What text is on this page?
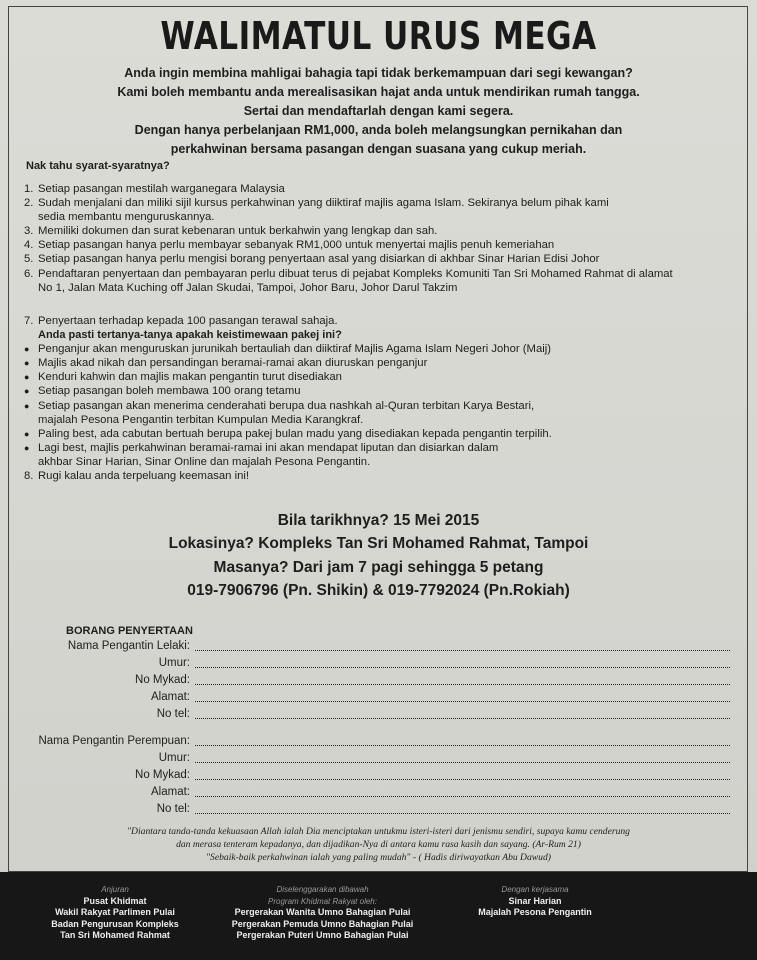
WALIMATUL URUS MEGA
Anda ingin membina mahligai bahagia tapi tidak berkemampuan dari segi kewangan?
Kami boleh membantu anda merealisasikan hajat anda untuk mendirikan rumah tangga.
Sertai dan mendaftarlah dengan kami segera.
Dengan hanya perbelanjaan RM1,000, anda boleh melangsungkan pernikahan dan
perkahwinan bersama pasangan dengan suasana yang cukup meriah.
Nak tahu syarat-syaratnya?
1. Setiap pasangan mestilah warganegara Malaysia
2. Sudah menjalani dan miliki sijil kursus perkahwinan yang diiktiraf majlis agama Islam. Sekiranya belum pihak kami
sedia membantu menguruskannya.
3. Memiliki dokumen dan surat kebenaran untuk berkahwin yang lengkap dan sah.
4. Setiap pasangan hanya perlu membayar sebanyak RM1,000 untuk menyertai majlis penuh kemeriahan
5. Setiap pasangan hanya perlu mengisi borang penyertaan asal yang disiarkan di akhbar Sinar Harian Edisi Johor
6. Pendaftaran penyertaan dan pembayaran perlu dibuat terus di pejabat Kompleks Komuniti Tan Sri Mohamed Rahmat di alamat
No 1, Jalan Mata Kuching off Jalan Skudai, Tampoi, Johor Baru, Johor Darul Takzim
7. Penyertaan terhadap kepada 100 pasangan terawal sahaja.
Anda pasti tertanya-tanya apakah keistimewaan pakej ini?
● Penganjur akan menguruskan jurunikah bertauliah dan diiktiraf Majlis Agama Islam Negeri Johor (Maij)
● Majlis akad nikah dan persandingan beramai-ramai akan diuruskan penganjur
● Kenduri kahwin dan majlis makan pengantin turut disediakan
● Setiap pasangan boleh membawa 100 orang tetamu
● Setiap pasangan akan menerima cenderahati berupa dua nashkah al-Quran terbitan Karya Bestari,
majalah Pesona Pengantin terbitan Kumpulan Media Karangkraf.
● Paling best, ada cabutan bertuah berupa pakej bulan madu yang disediakan kepada pengantin terpilih.
● Lagi best, majlis perkahwinan beramai-ramai ini akan mendapat liputan dan disiarkan dalam
akhbar Sinar Harian, Sinar Online dan majalah Pesona Pengantin.
8. Rugi kalau anda terpeluang keemasan ini!
Bila tarikhnya? 15 Mei 2015
Lokasinya? Kompleks Tan Sri Mohamed Rahmat, Tampoi
Masanya? Dari jam 7 pagi sehingga 5 petang
019-7906796 (Pn. Shikin) & 019-7792024 (Pn.Rokiah)
BORANG PENYERTAAN
Nama Pengantin Lelaki:
Umur:
No Mykad:
Alamat:
No tel:
Nama Pengantin Perempuan:
Umur:
No Mykad:
Alamat:
No tel:
"Diantara tanda-tanda kekuasaan Allah ialah Dia menciptakan untukmu isteri-isteri dari jenismu sendiri, supaya kamu cenderung
dan merasa tenteram kepadanya, dan dijadikan-Nya di antara kamu rasa kasih dan sayang. (Ar-Rum 21)
"Sebaik-baik perkahwinan ialah yang paling mudah" - ( Hadis diriwayatkan Abu Dawud)
Anjuran
Pusat Khidmat
Wakil Rakyat Parlimen Pulai
Badan Pengurusan Kompleks
Tan Sri Mohamed Rahmat
Diselenggarakan dibawah
Program Khidmat Rakyat oleh:
Pergerakan Wanita Umno Bahagian Pulai
Pergerakan Pemuda Umno Bahagian Pulai
Pergerakan Puteri Umno Bahagian Pulai
Dengan kerjasama
Sinar Harian
Majalah Pesona Pengantin
